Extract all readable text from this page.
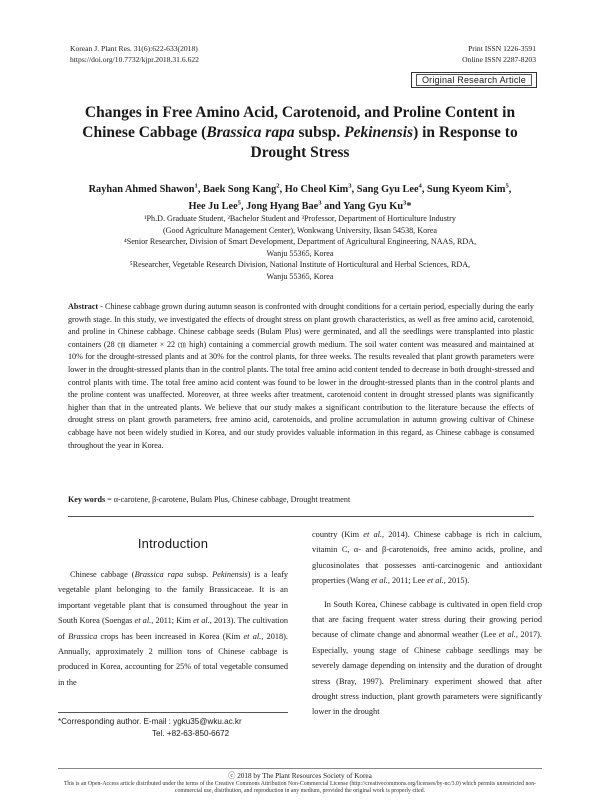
Korean J. Plant Res. 31(6):622-633(2018)
https://doi.org/10.7732/kjpr.2018.31.6.622
Print ISSN 1226-3591
Online ISSN 2287-8203
Original Research Article
Changes in Free Amino Acid, Carotenoid, and Proline Content in Chinese Cabbage (Brassica rapa subsp. Pekinensis) in Response to Drought Stress
Rayhan Ahmed Shawon$^1$, Baek Song Kang$^2$, Ho Cheol Kim$^3$, Sang Gyu Lee$^4$, Sung Kyeom Kim$^5$,
Hee Ju Lee$^5$, Jong Hyang Bae$^3$ and Yang Gyu Ku$^3$*
¹Ph.D. Graduate Student, ²Bachelor Student and ³Professor, Department of Horticulture Industry
(Good Agriculture Management Center), Wonkwang University, Iksan 54538, Korea
⁴Senior Researcher, Division of Smart Development, Department of Agricultural Engineering, NAAS, RDA,
Wanju 55365, Korea
⁵Researcher, Vegetable Research Division, National Institute of Horticultural and Herbal Sciences, RDA,
Wanju 55365, Korea
Abstract - Chinese cabbage grown during autumn season is confronted with drought conditions for a certain period, especially during the early growth stage. In this study, we investigated the effects of drought stress on plant growth characteristics, as well as free amino acid, carotenoid, and proline in Chinese cabbage. Chinese cabbage seeds (Bulam Plus) were germinated, and all the seedlings were transplanted into plastic containers (28 ㎝ diameter × 22 ㎝ high) containing a commercial growth medium. The soil water content was measured and maintained at 10% for the drought-stressed plants and at 30% for the control plants, for three weeks. The results revealed that plant growth parameters were lower in the drought-stressed plants than in the control plants. The total free amino acid content tended to decrease in both drought-stressed and control plants with time. The total free amino acid content was found to be lower in the drought-stressed plants than in the control plants and the proline content was unaffected. Moreover, at three weeks after treatment, carotenoid content in drought stressed plants was significantly higher than that in the untreated plants. We believe that our study makes a significant contribution to the literature because the effects of drought stress on plant growth parameters, free amino acid, carotenoids, and proline accumulation in autumn growing cultivar of Chinese cabbage have not been widely studied in Korea, and our study provides valuable information in this regard, as Chinese cabbage is consumed throughout the year in Korea.
Key words = α-carotene, β-carotene, Bulam Plus, Chinese cabbage, Drought treatment
Introduction

Chinese cabbage (Brassica rapa subsp. Pekinensis) is a leafy vegetable plant belonging to the family Brassicaceae. It is an important vegetable plant that is consumed throughout the year in South Korea (Soengas et al., 2011; Kim et al., 2013). The cultivation of Brassica crops has been increased in Korea (Kim et al., 2018). Annually, approximately 2 million tons of Chinese cabbage is produced in Korea, accounting for 25% of total vegetable consumed in the

country (Kim et al., 2014). Chinese cabbage is rich in calcium, vitamin C, α- and β-carotenoids, free amino acids, proline, and glucosinolates that possesses anti-carcinogenic and antioxidant properties (Wang et al., 2011; Lee et al., 2015).

In South Korea, Chinese cabbage is cultivated in open field crop that are facing frequent water stress during their growing period because of climate change and abnormal weather (Lee et al., 2017). Especially, young stage of Chinese cabbage seedlings may be severely damage depending on intensity and the duration of drought stress (Bray, 1997). Preliminary experiment showed that after drought stress induction, plant growth parameters were significantly lower in the drought

*Corresponding author. E-mail : ygku35@wku.ac.kr
Tel. +82-63-850-6672
ⓒ 2018 by The Plant Resources Society of Korea
This is an Open-Access article distributed under the terms of the Creative Commons Attribution Non-Commercial License (http://creativecommons.org/licenses/by-nc/3.0) which permits unrestricted non-commercial use, distribution, and reproduction in any medium, provided the original work is properly cited.
